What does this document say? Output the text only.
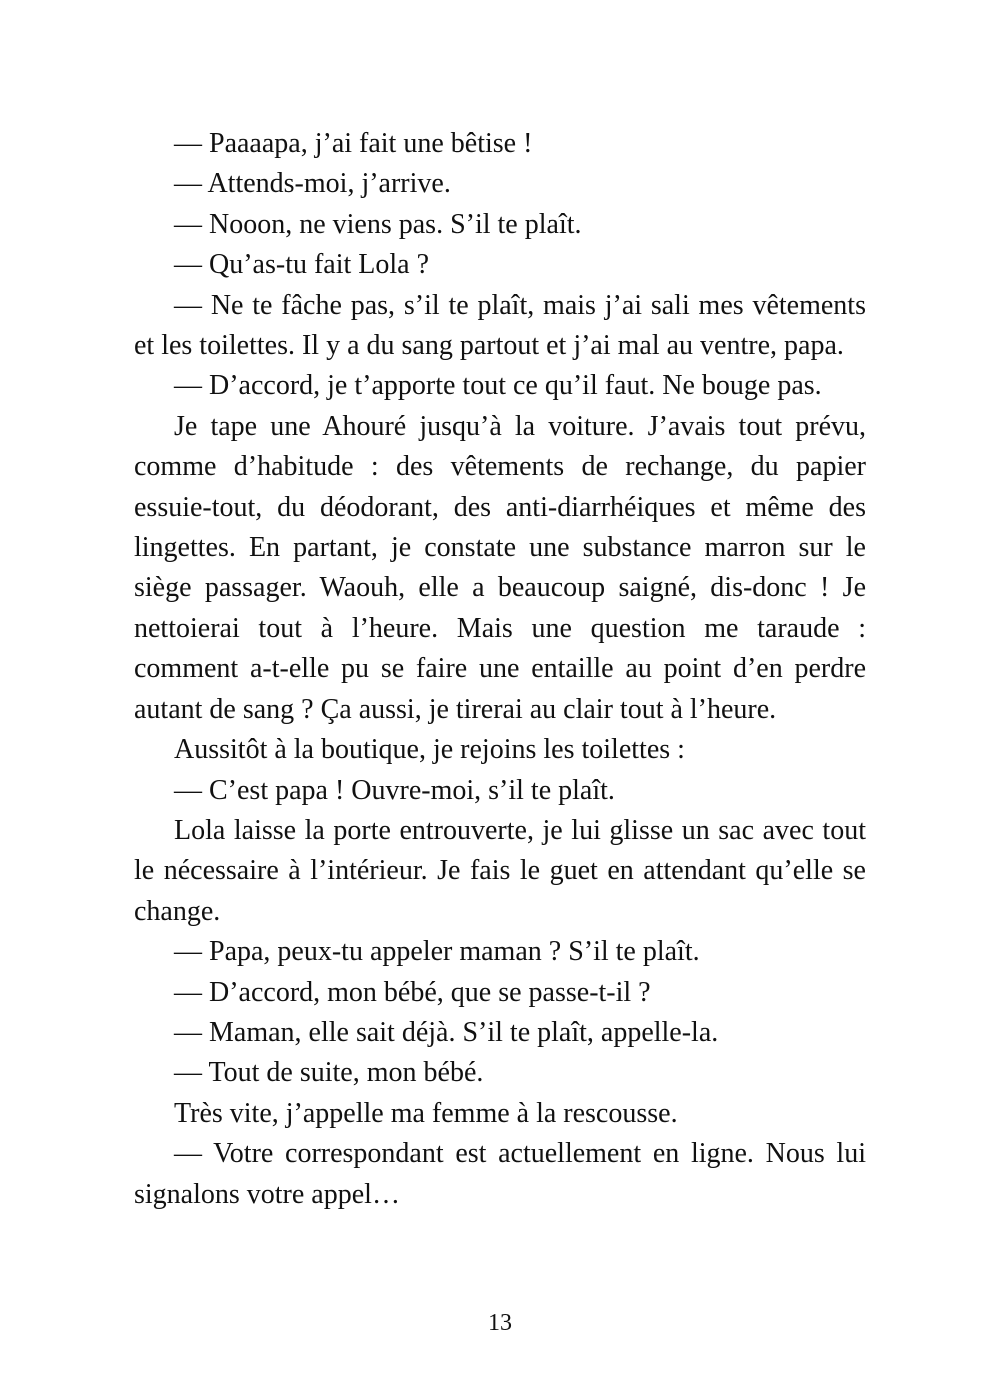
— Paaaapa, j’ai fait une bêtise !

— Attends-moi, j’arrive.

— Nooon, ne viens pas. S’il te plaît.

— Qu’as-tu fait Lola ?

— Ne te fâche pas, s’il te plaît, mais j’ai sali mes vêtements et les toilettes. Il y a du sang partout et j’ai mal au ventre, papa.

— D’accord, je t’apporte tout ce qu’il faut. Ne bouge pas.

Je tape une Ahouré jusqu’à la voiture. J’avais tout prévu, comme d’habitude : des vêtements de rechange, du papier essuie-tout, du déodorant, des anti-diarrhéiques et même des lingettes. En partant, je constate une substance marron sur le siège passager. Waouh, elle a beaucoup saigné, dis-donc ! Je nettoierai tout à l’heure. Mais une question me taraude : comment a-t-elle pu se faire une entaille au point d’en perdre autant de sang ? Ça aussi, je tirerai au clair tout à l’heure.

Aussitôt à la boutique, je rejoins les toilettes :

— C’est papa ! Ouvre-moi, s’il te plaît.

Lola laisse la porte entrouverte, je lui glisse un sac avec tout le nécessaire à l’intérieur. Je fais le guet en attendant qu’elle se change.

— Papa, peux-tu appeler maman ? S’il te plaît.

— D’accord, mon bébé, que se passe-t-il ?

— Maman, elle sait déjà. S’il te plaît, appelle-la.

— Tout de suite, mon bébé.

Très vite, j’appelle ma femme à la rescousse.

— Votre correspondant est actuellement en ligne. Nous lui signalons votre appel…

13
